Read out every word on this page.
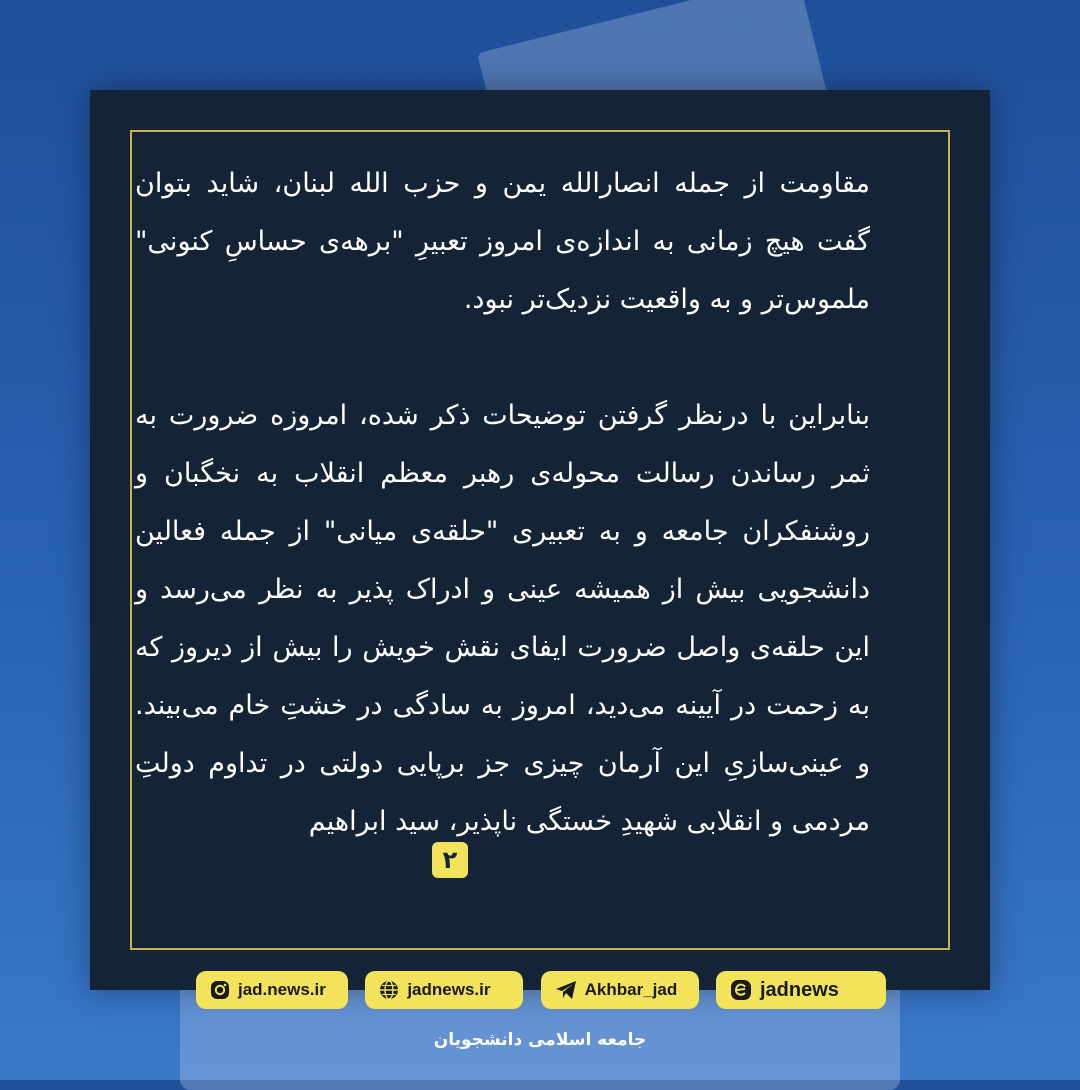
مقاومت از جمله انصارالله یمن و حزب الله لبنان، شاید بتوان گفت هیچ زمانی به اندازه‌ی امروز تعبیرِ "برهه‌ی حساسِ کنونی" ملموس‌تر و به واقعیت نزدیک‌تر نبود.

بنابراین با درنظر گرفتن توضیحات ذکر شده، امروزه ضرورت به ثمر رساندن رسالت محوله‌ی رهبر معظم انقلاب به نخگبان و روشنفکران جامعه و به تعبیری "حلقه‌ی میانی" از جمله فعالین دانشجویی بیش از همیشه عینی و ادراک پذیر به نظر می‌رسد و این حلقه‌ی واصل ضرورت ایفای نقش خویش را بیش از دیروز که به زحمت در آیینه می‌دید، امروز به سادگی در خشتِ خام می‌بیند. و عینی‌سازیِ این آرمان چیزی جز برپایی دولتی در تداوم دولتِ مردمی و انقلابی شهیدِ خستگی ناپذیر، سید ابراهیم

۲
jad.news.ir	jadnews.ir	Akhbar_jad	jadnews
جامعه اسلامی دانشجویان
